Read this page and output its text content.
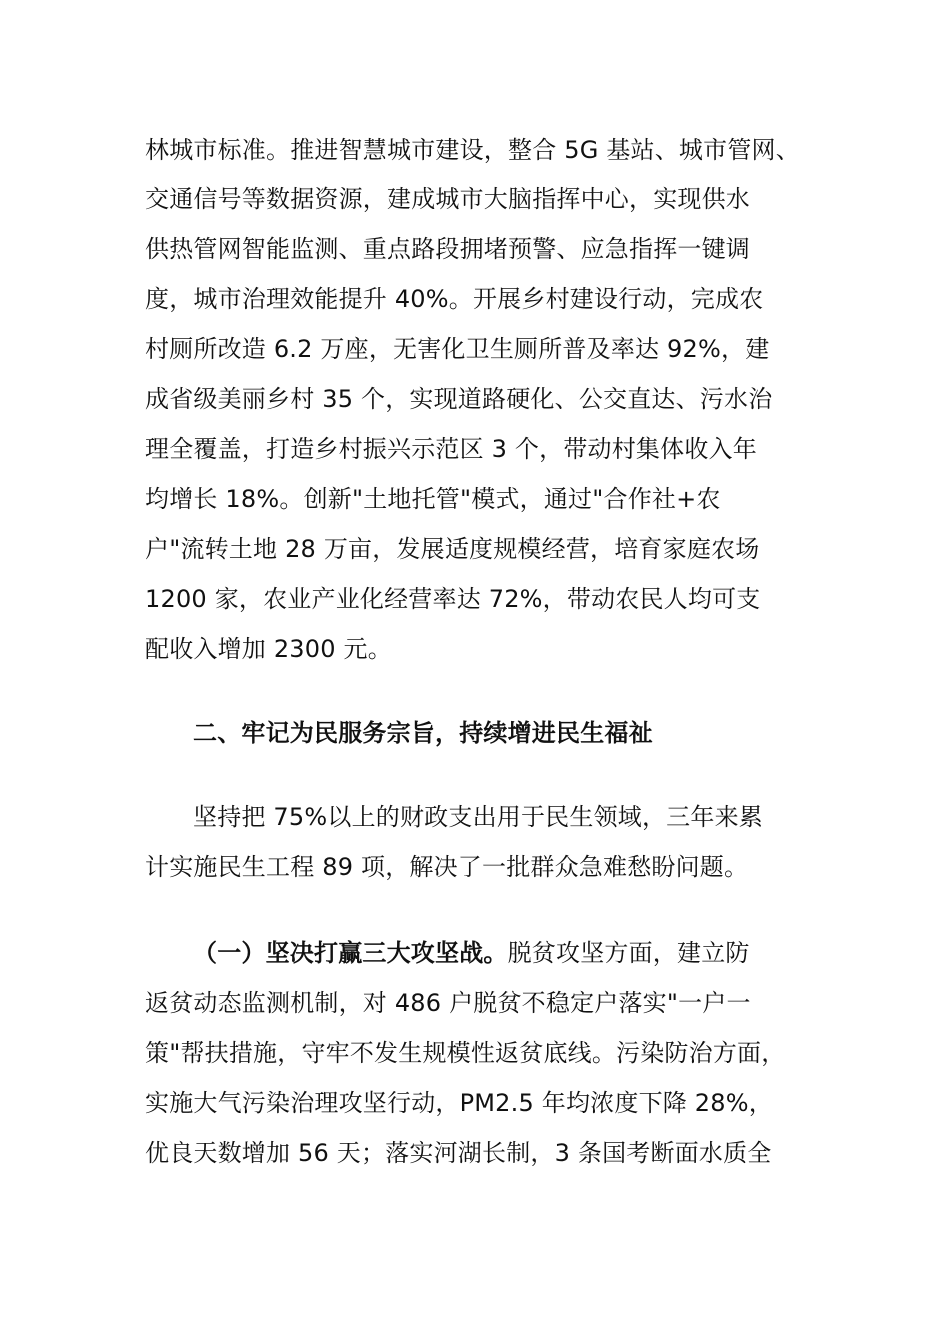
林城市标准。推进智慧城市建设，整合 5G 基站、城市管网、
交通信号等数据资源，建成城市大脑指挥中心，实现供水
供热管网智能监测、重点路段拥堵预警、应急指挥一键调
度，城市治理效能提升 40%。开展乡村建设行动，完成农
村厕所改造 6.2 万座，无害化卫生厕所普及率达 92%，建
成省级美丽乡村 35 个，实现道路硬化、公交直达、污水治
理全覆盖，打造乡村振兴示范区 3 个，带动村集体收入年
均增长 18%。创新"土地托管"模式，通过"合作社+农
户"流转土地 28 万亩，发展适度规模经营，培育家庭农场
1200 家，农业产业化经营率达 72%，带动农民人均可支
配收入增加 2300 元。
二、牢记为民服务宗旨，持续增进民生福祉
坚持把 75%以上的财政支出用于民生领域，三年来累
计实施民生工程 89 项，解决了一批群众急难愁盼问题。
（一）坚决打赢三大攻坚战。脱贫攻坚方面，建立防
返贫动态监测机制，对 486 户脱贫不稳定户落实"一户一
策"帮扶措施，守牢不发生规模性返贫底线。污染防治方面，
实施大气污染治理攻坚行动，PM2.5 年均浓度下降 28%，
优良天数增加 56 天；落实河湖长制，3 条国考断面水质全
